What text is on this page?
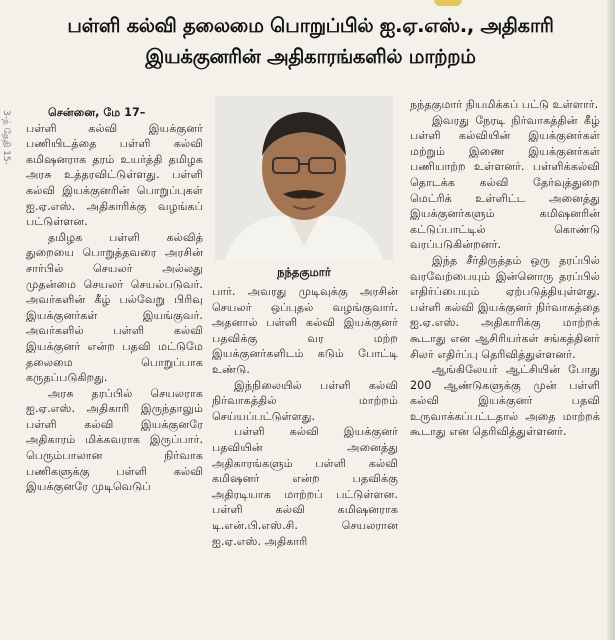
3-ந் தேதி 15-
பள்ளி கல்வி தலைமை பொறுப்பில் ஐ.ஏ.எஸ்., அதிகாரி
இயக்குனரின் அதிகாரங்களில் மாற்றம்

சென்னை, மே 17–
பள்ளி கல்வி இயக்குனர் பணியிடத்தை பள்ளி கல்வி கமிஷனராக தரம் உயர்த்தி தமிழக அரசு உத்தரவிட்டுள்ளது. பள்ளி கல்வி இயக்குனரின் பொறுப்புகள் ஐ.ஏ.எஸ். அதிகாரிக்கு வழங்கப் பட்டுள்ளன.

தமிழக பள்ளி கல்வித் துறையை பொறுத்தவரை அரசின் சார்பில் செயலர் அல்லது முதன்மை செயலர் செயல்படுவர். அவர்களின் கீழ் பல்வேறு பிரிவு இயக்குனர்கள் இயங்குவர். அவர்களில் பள்ளி கல்வி இயக்குனர் என்ற பதவி மட்டுமே தலைமை பொறுப்பாக கருதப்படுகிறது.

அரசு தரப்பில் செயலராக ஐ.ஏ.எஸ். அதிகாரி இருந்தாலும் பள்ளி கல்வி இயக்குனரே அதிகாரம் மிக்கவராக இருப்பார். பெரும்பாலான நிர்வாக பணிகளுக்கு பள்ளி கல்வி இயக்குனரே முடிவெடுப்

நந்தகுமார்

பார். அவரது முடிவுக்கு அரசின் செயலர் ஒப்புதல் வழங்குவார். அதனால் பள்ளி கல்வி இயக்குனர் பதவிக்கு வர மற்ற இயக்குனர்களிடம் கடும் போட்டி உண்டு.

இந்நிலையில் பள்ளி கல்வி நிர்வாகத்தில் மாற்றம் செய்யப்பட்டுள்ளது.

பள்ளி கல்வி இயக்குனர் பதவியின் அனைத்து அதிகாரங்களும் பள்ளி கல்வி கமிஷனர் என்ற பதவிக்கு அதிரடியாக மாற்றப் பட்டுள்ளன. பள்ளி கல்வி கமிஷனராக டி.என்.பி.எஸ்.சி. செயலரான ஐ.ஏ.எஸ். அதிகாரி

நந்தகுமார் நியமிக்கப் பட்டு உள்ளார்.

இவரது நேரடி நிர்வாகத்தின் கீழ் பள்ளி கல்வியின் இயக்குனர்கள் மற்றும் இணை இயக்குனர்கள் பணியாற்ற உள்ளனர். பள்ளிக்கல்வி தொடக்க கல்வி தேர்வுத்துறை மெட்ரிக் உள்ளிட்ட அனைத்து இயக்குனர்களும் கமிஷனரின் கட்டுப்பாட்டில் கொண்டு வரப்படுகின்றனர்.

இந்த சீர்திருத்தம் ஒரு தரப்பில் வரவேற்பையும் இன்னொரு தரப்பில் எதிர்ப்பையும் ஏற்படுத்தியுள்ளது. பள்ளி கல்வி இயக்குனர் நிர்வாகத்தை ஐ.ஏ.எஸ். அதிகாரிக்கு மாற்றக் கூடாது என ஆசிரியர்கள் சங்கத்தினர் சிலர் எதிர்ப்பு தெரிவித்துள்ளனர்.

ஆங்கிலேயர் ஆட்சியின் போது 200 ஆண்டுகளுக்கு முன் பள்ளி கல்வி இயக்குனர் பதவி உருவாக்கப்பட்டதால் அதை மாற்றக் கூடாது என தெரிவித்துள்ளனர்.
